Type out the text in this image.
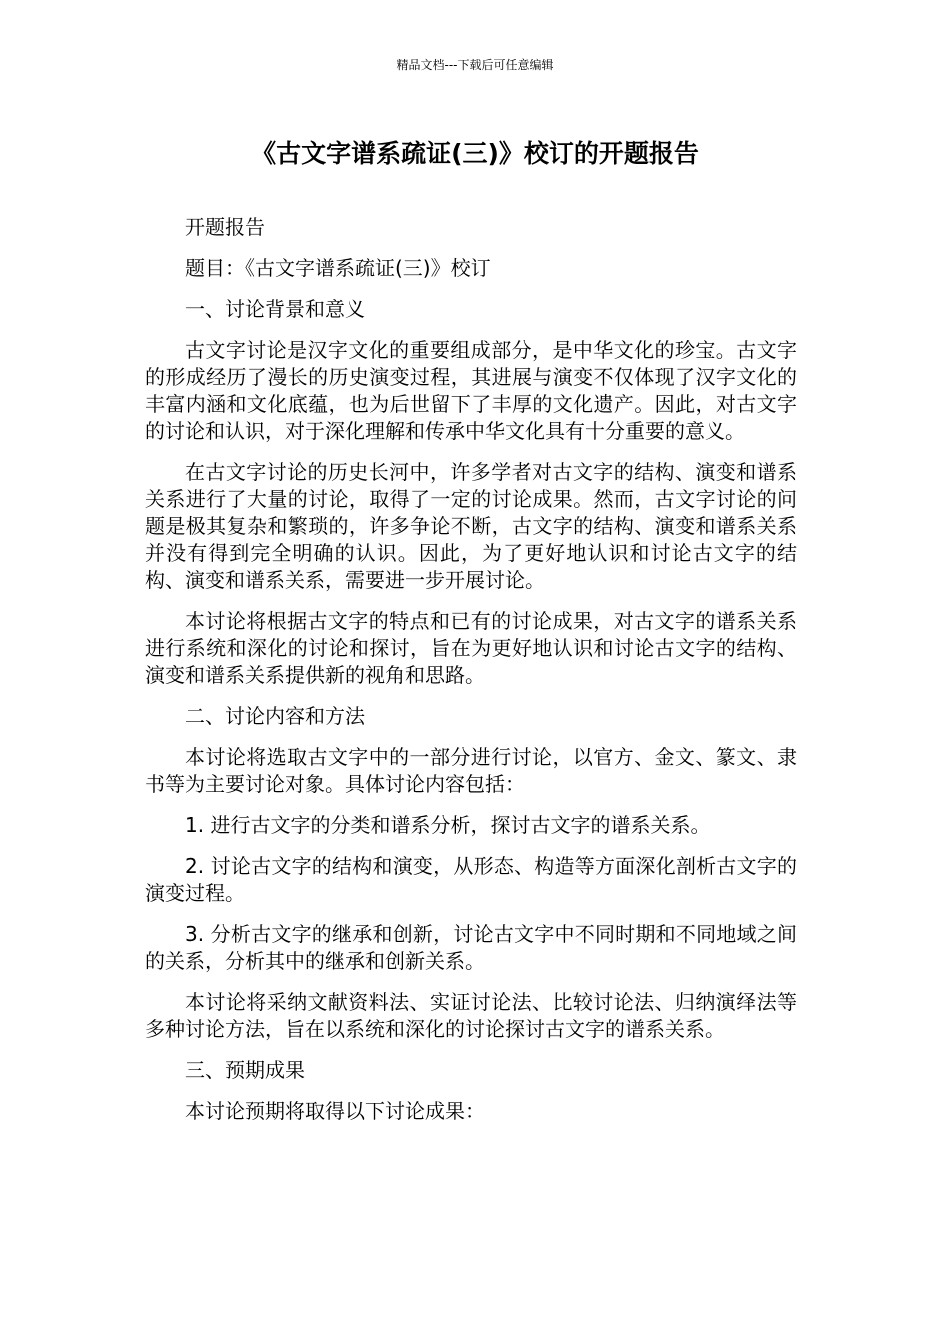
精品文档---下载后可任意编辑
《古文字谱系疏证(三)》校订的开题报告

开题报告

题目：《古文字谱系疏证(三)》校订

一、讨论背景和意义

古文字讨论是汉字文化的重要组成部分，是中华文化的珍宝。古文字的形成经历了漫长的历史演变过程，其进展与演变不仅体现了汉字文化的丰富内涵和文化底蕴，也为后世留下了丰厚的文化遗产。因此，对古文字的讨论和认识，对于深化理解和传承中华文化具有十分重要的意义。

在古文字讨论的历史长河中，许多学者对古文字的结构、演变和谱系关系进行了大量的讨论，取得了一定的讨论成果。然而，古文字讨论的问题是极其复杂和繁琐的，许多争论不断，古文字的结构、演变和谱系关系并没有得到完全明确的认识。因此，为了更好地认识和讨论古文字的结构、演变和谱系关系，需要进一步开展讨论。

本讨论将根据古文字的特点和已有的讨论成果，对古文字的谱系关系进行系统和深化的讨论和探讨，旨在为更好地认识和讨论古文字的结构、演变和谱系关系提供新的视角和思路。

二、讨论内容和方法

本讨论将选取古文字中的一部分进行讨论，以官方、金文、篆文、隶书等为主要讨论对象。具体讨论内容包括：

1. 进行古文字的分类和谱系分析，探讨古文字的谱系关系。

2. 讨论古文字的结构和演变，从形态、构造等方面深化剖析古文字的演变过程。

3. 分析古文字的继承和创新，讨论古文字中不同时期和不同地域之间的关系，分析其中的继承和创新关系。

本讨论将采纳文献资料法、实证讨论法、比较讨论法、归纳演绎法等多种讨论方法，旨在以系统和深化的讨论探讨古文字的谱系关系。

三、预期成果

本讨论预期将取得以下讨论成果：
